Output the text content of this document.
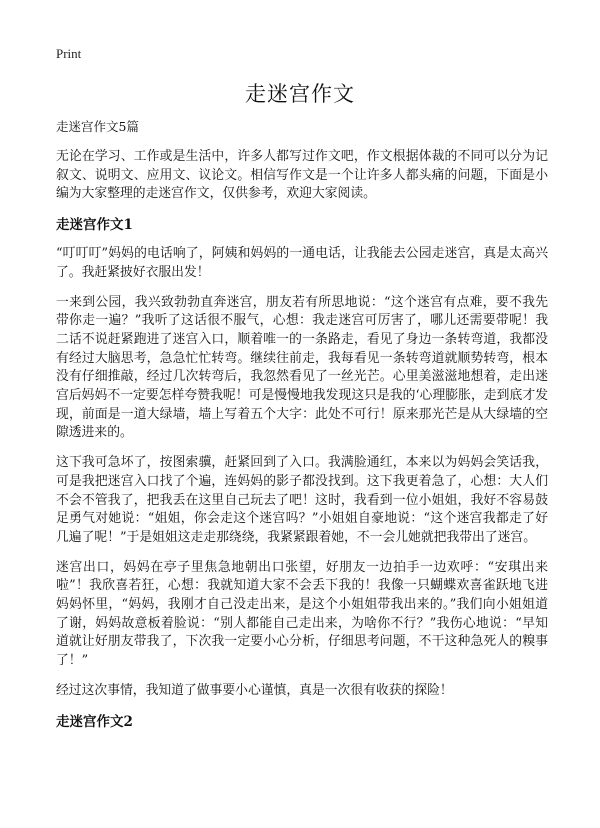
Print
走迷宫作文
走迷宫作文5篇

无论在学习、工作或是生活中，许多人都写过作文吧，作文根据体裁的不同可以分为记叙文、说明文、应用文、议论文。相信写作文是一个让许多人都头痛的问题，下面是小编为大家整理的走迷宫作文，仅供参考，欢迎大家阅读。

走迷宫作文1

“叮叮叮”妈妈的电话响了，阿姨和妈妈的一通电话，让我能去公园走迷宫，真是太高兴了。我赶紧披好衣服出发！

一来到公园，我兴致勃勃直奔迷宫，朋友若有所思地说：“这个迷宫有点难，要不我先带你走一遍？”我听了这话很不服气，心想：我走迷宫可厉害了，哪儿还需要带呢！我二话不说赶紧跑进了迷宫入口，顺着唯一的一条路走，看见了身边一条转弯道，我都没有经过大脑思考，急急忙忙转弯。继续往前走，我每看见一条转弯道就顺势转弯，根本没有仔细推敲，经过几次转弯后，我忽然看见了一丝光芒。心里美滋滋地想着，走出迷宫后妈妈不一定要怎样夸赞我呢！可是慢慢地我发现这只是我的‘心理膨胀，走到底才发现，前面是一道大绿墙，墙上写着五个大字：此处不可行！原来那光芒是从大绿墙的空隙透进来的。

这下我可急坏了，按图索骥，赶紧回到了入口。我满脸通红，本来以为妈妈会笑话我，可是我把迷宫入口找了个遍，连妈妈的影子都没找到。这下我更着急了，心想：大人们不会不管我了，把我丢在这里自己玩去了吧！这时，我看到一位小姐姐，我好不容易鼓足勇气对她说：“姐姐，你会走这个迷宫吗？”小姐姐自豪地说：“这个迷宫我都走了好几遍了呢！”于是姐姐这走走那绕绕，我紧紧跟着她，不一会儿她就把我带出了迷宫。

迷宫出口，妈妈在亭子里焦急地朝出口张望，好朋友一边拍手一边欢呼：“安琪出来啦”！我欣喜若狂，心想：我就知道大家不会丢下我的！我像一只蝴蝶欢喜雀跃地飞进妈妈怀里，“妈妈，我刚才自己没走出来，是这个小姐姐带我出来的。”我们向小姐姐道了谢，妈妈故意板着脸说：“别人都能自己走出来，为啥你不行？”我伤心地说：“早知道就让好朋友带我了，下次我一定要小心分析，仔细思考问题，不干这种急死人的糗事了！”

经过这次事情，我知道了做事要小心谨慎，真是一次很有收获的探险！

走迷宫作文2
